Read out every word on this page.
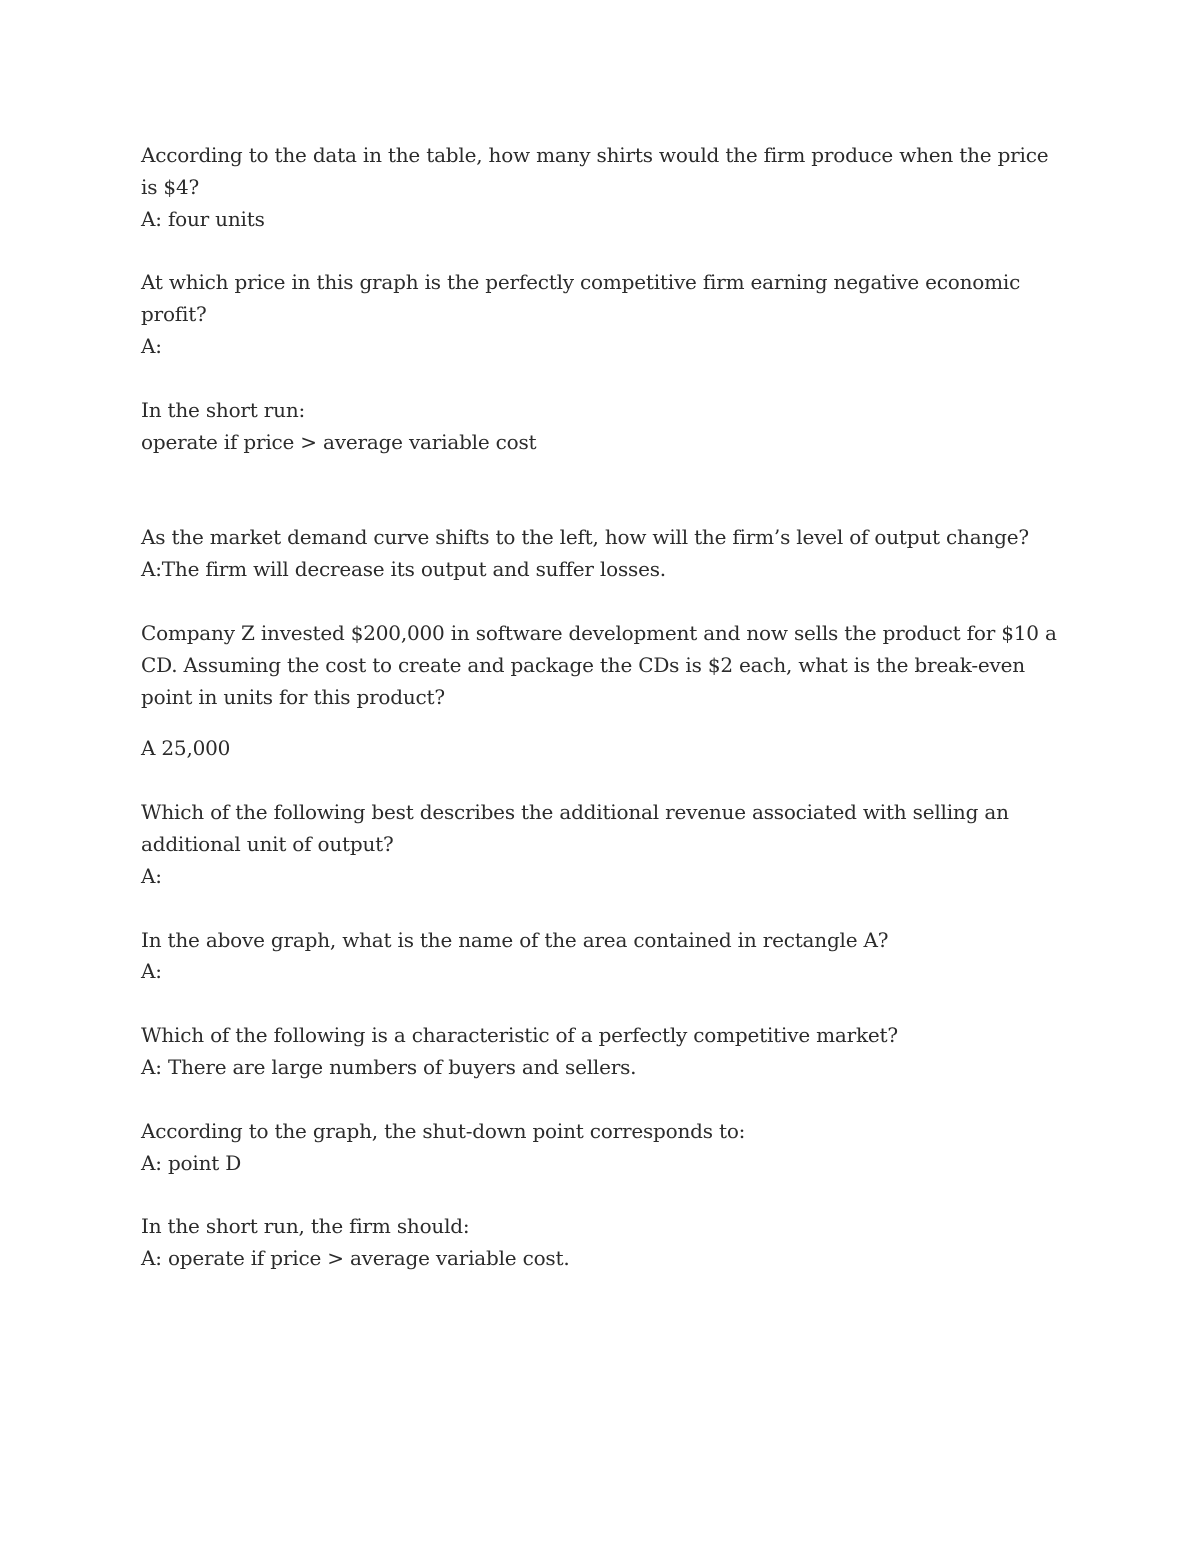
According to the data in the table, how many shirts would the firm produce when the price
is $4?
A: four units
At which price in this graph is the perfectly competitive firm earning negative economic
profit?
A:
In the short run:
operate if price > average variable cost
As the market demand curve shifts to the left, how will the firm’s level of output change?
A:The firm will decrease its output and suffer losses.
Company Z invested $200,000 in software development and now sells the product for $10 a
CD. Assuming the cost to create and package the CDs is $2 each, what is the break-even
point in units for this product?
A 25,000
Which of the following best describes the additional revenue associated with selling an
additional unit of output?
A:
In the above graph, what is the name of the area contained in rectangle A?
A:
Which of the following is a characteristic of a perfectly competitive market?
A: There are large numbers of buyers and sellers.
According to the graph, the shut-down point corresponds to:
A: point D
In the short run, the firm should:
A: operate if price > average variable cost.
